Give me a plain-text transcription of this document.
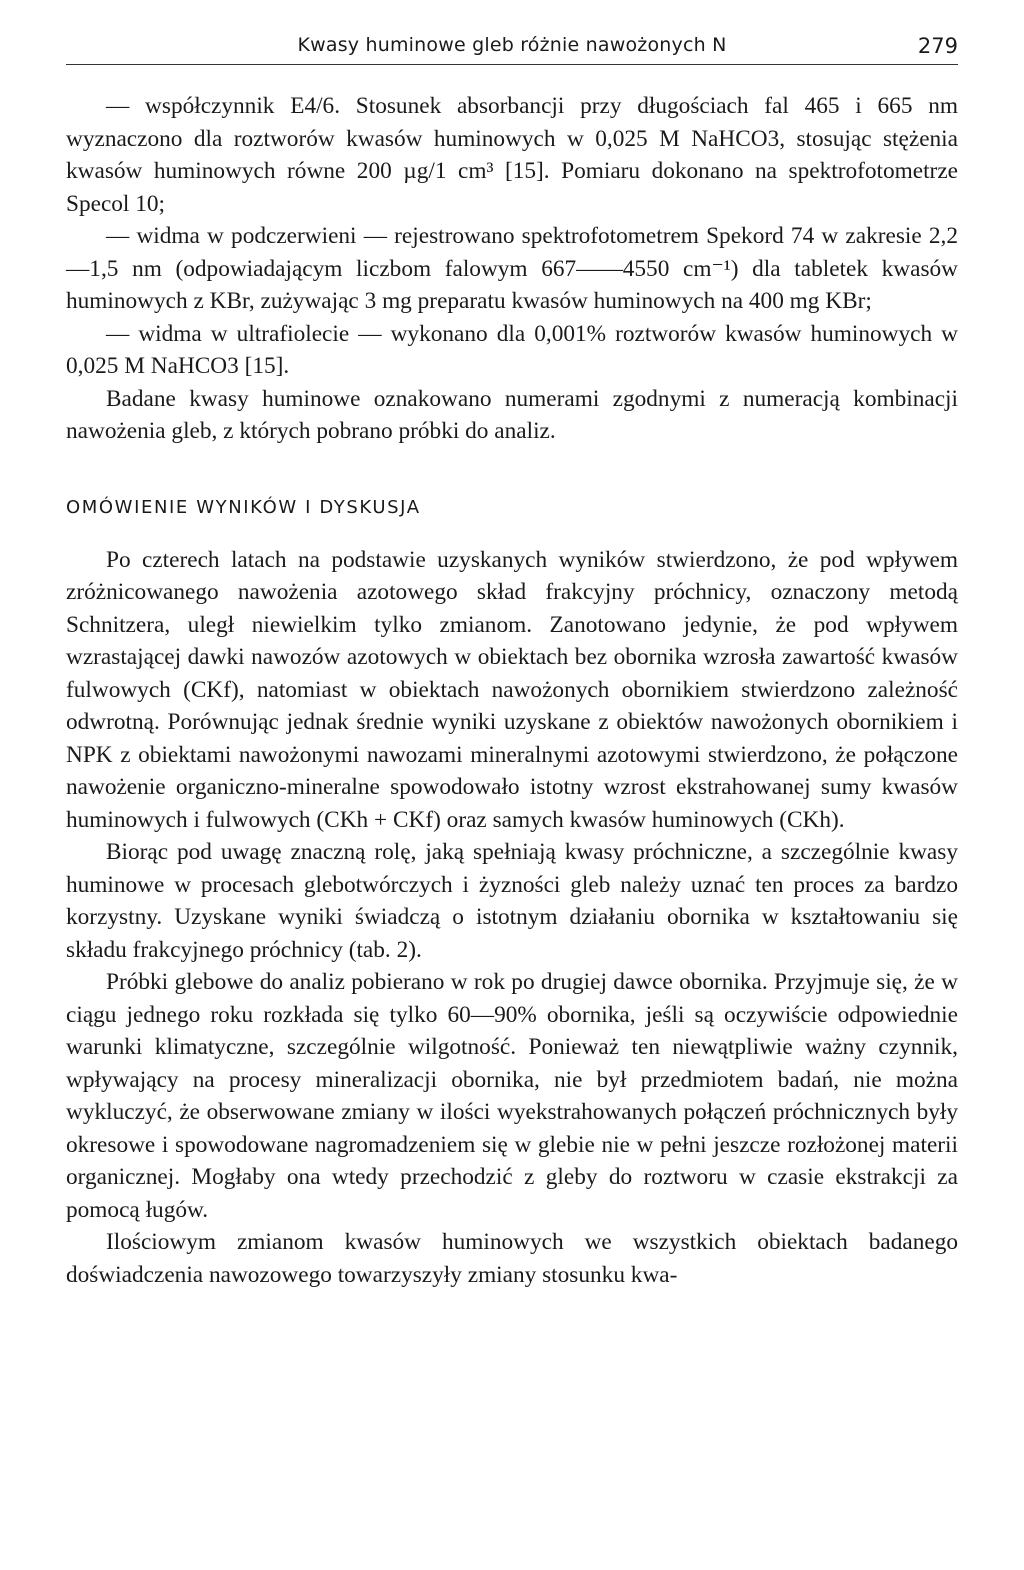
Kwasy huminowe gleb różnie nawożonych N	279

— współczynnik E4/6. Stosunek absorbancji przy długościach fal 465 i 665 nm wyznaczono dla roztworów kwasów huminowych w 0,025 M NaHCO3, stosując stężenia kwasów huminowych równe 200 µg/1 cm³ [15]. Pomiaru dokonano na spektrofotometrze Specol 10;

— widma w podczerwieni — rejestrowano spektrofotometrem Spekord 74 w zakresie 2,2—1,5 nm (odpowiadającym liczbom falowym 667——4550 cm⁻¹) dla tabletek kwasów huminowych z KBr, zużywając 3 mg preparatu kwasów huminowych na 400 mg KBr;

— widma w ultrafiolecie — wykonano dla 0,001% roztworów kwasów huminowych w 0,025 M NaHCO3 [15].

Badane kwasy huminowe oznakowano numerami zgodnymi z numeracją kombinacji nawożenia gleb, z których pobrano próbki do analiz.

OMÓWIENIE WYNIKÓW I DYSKUSJA

Po czterech latach na podstawie uzyskanych wyników stwierdzono, że pod wpływem zróżnicowanego nawożenia azotowego skład frakcyjny próchnicy, oznaczony metodą Schnitzera, uległ niewielkim tylko zmianom. Zanotowano jedynie, że pod wpływem wzrastającej dawki nawozów azotowych w obiektach bez obornika wzrosła zawartość kwasów fulwowych (CKf), natomiast w obiektach nawożonych obornikiem stwierdzono zależność odwrotną. Porównując jednak średnie wyniki uzyskane z obiektów nawożonych obornikiem i NPK z obiektami nawożonymi nawozami mineralnymi azotowymi stwierdzono, że połączone nawożenie organiczno-mineralne spowodowało istotny wzrost ekstrahowanej sumy kwasów huminowych i fulwowych (CKh + CKf) oraz samych kwasów huminowych (CKh).

Biorąc pod uwagę znaczną rolę, jaką spełniają kwasy próchniczne, a szczególnie kwasy huminowe w procesach glebotwórczych i żyzności gleb należy uznać ten proces za bardzo korzystny. Uzyskane wyniki świadczą o istotnym działaniu obornika w kształtowaniu się składu frakcyjnego próchnicy (tab. 2).

Próbki glebowe do analiz pobierano w rok po drugiej dawce obornika. Przyjmuje się, że w ciągu jednego roku rozkłada się tylko 60—90% obornika, jeśli są oczywiście odpowiednie warunki klimatyczne, szczególnie wilgotność. Ponieważ ten niewątpliwie ważny czynnik, wpływający na procesy mineralizacji obornika, nie był przedmiotem badań, nie można wykluczyć, że obserwowane zmiany w ilości wyekstrahowanych połączeń próchnicznych były okresowe i spowodowane nagromadzeniem się w glebie nie w pełni jeszcze rozłożonej materii organicznej. Mogłaby ona wtedy przechodzić z gleby do roztworu w czasie ekstrakcji za pomocą ługów.

Ilościowym zmianom kwasów huminowych we wszystkich obiektach badanego doświadczenia nawozowego towarzyszyły zmiany stosunku kwa-
